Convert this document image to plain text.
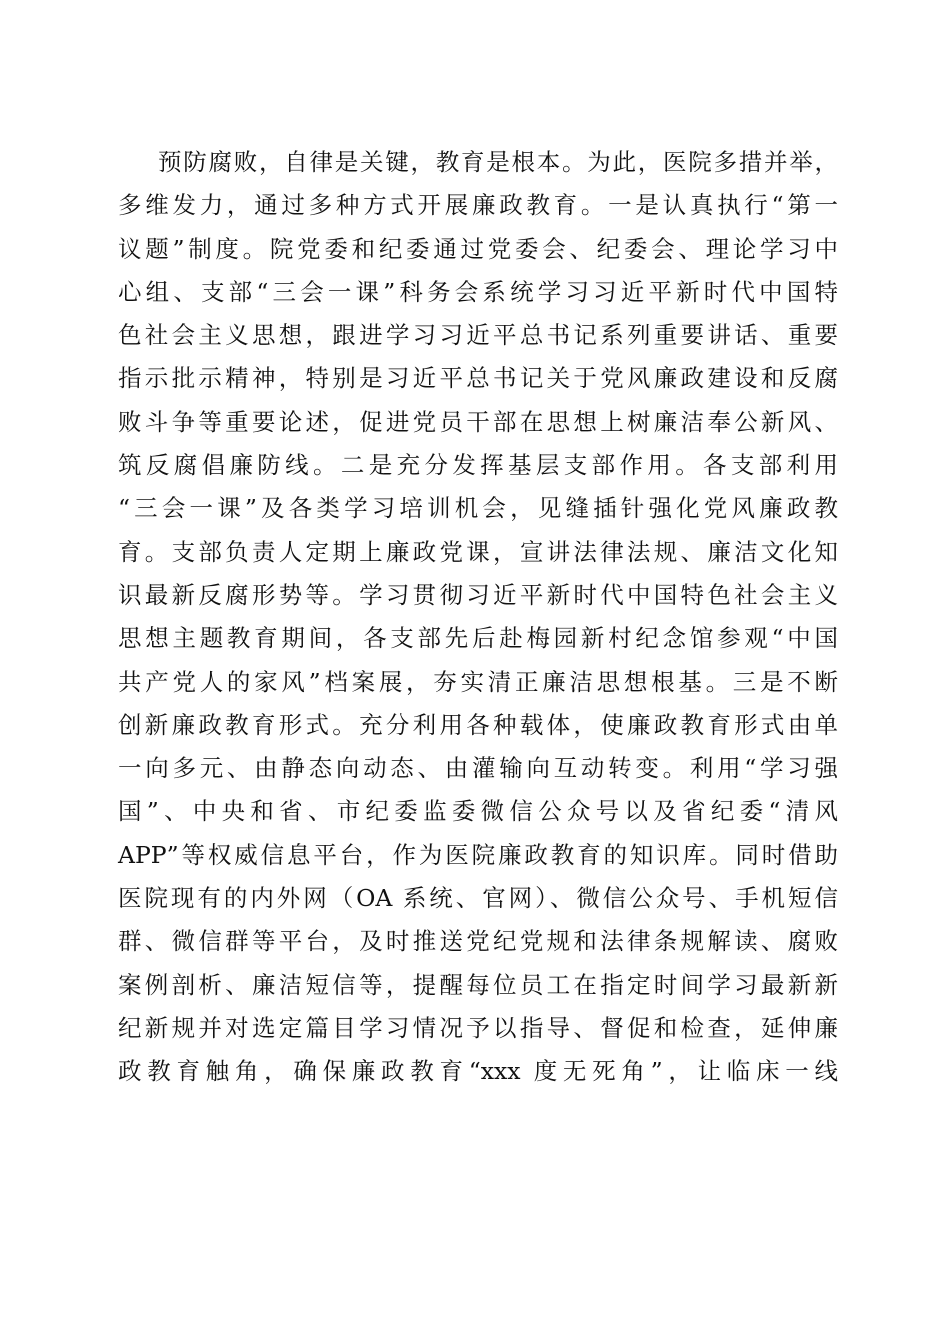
预防腐败，自律是关键，教育是根本。为此，医院多措并举，
多维发力，通过多种方式开展廉政教育。一是认真执行“第一
议题”制度。院党委和纪委通过党委会、纪委会、理论学习中
心组、支部“三会一课”科务会系统学习习近平新时代中国特
色社会主义思想，跟进学习习近平总书记系列重要讲话、重要
指示批示精神，特别是习近平总书记关于党风廉政建设和反腐
败斗争等重要论述，促进党员干部在思想上树廉洁奉公新风、
筑反腐倡廉防线。二是充分发挥基层支部作用。各支部利用
“三会一课”及各类学习培训机会，见缝插针强化党风廉政教
育。支部负责人定期上廉政党课，宣讲法律法规、廉洁文化知
识最新反腐形势等。学习贯彻习近平新时代中国特色社会主义
思想主题教育期间，各支部先后赴梅园新村纪念馆参观“中国
共产党人的家风”档案展，夯实清正廉洁思想根基。三是不断
创新廉政教育形式。充分利用各种载体，使廉政教育形式由单
一向多元、由静态向动态、由灌输向互动转变。利用“学习强
国”、中央和省、市纪委监委微信公众号以及省纪委“清风
APP”等权威信息平台，作为医院廉政教育的知识库。同时借助
医院现有的内外网（OA 系统、官网）、微信公众号、手机短信
群、微信群等平台，及时推送党纪党规和法律条规解读、腐败
案例剖析、廉洁短信等，提醒每位员工在指定时间学习最新新
纪新规并对选定篇目学习情况予以指导、督促和检查，延伸廉
政教育触角，确保廉政教育“xxx 度无死角”，让临床一线
